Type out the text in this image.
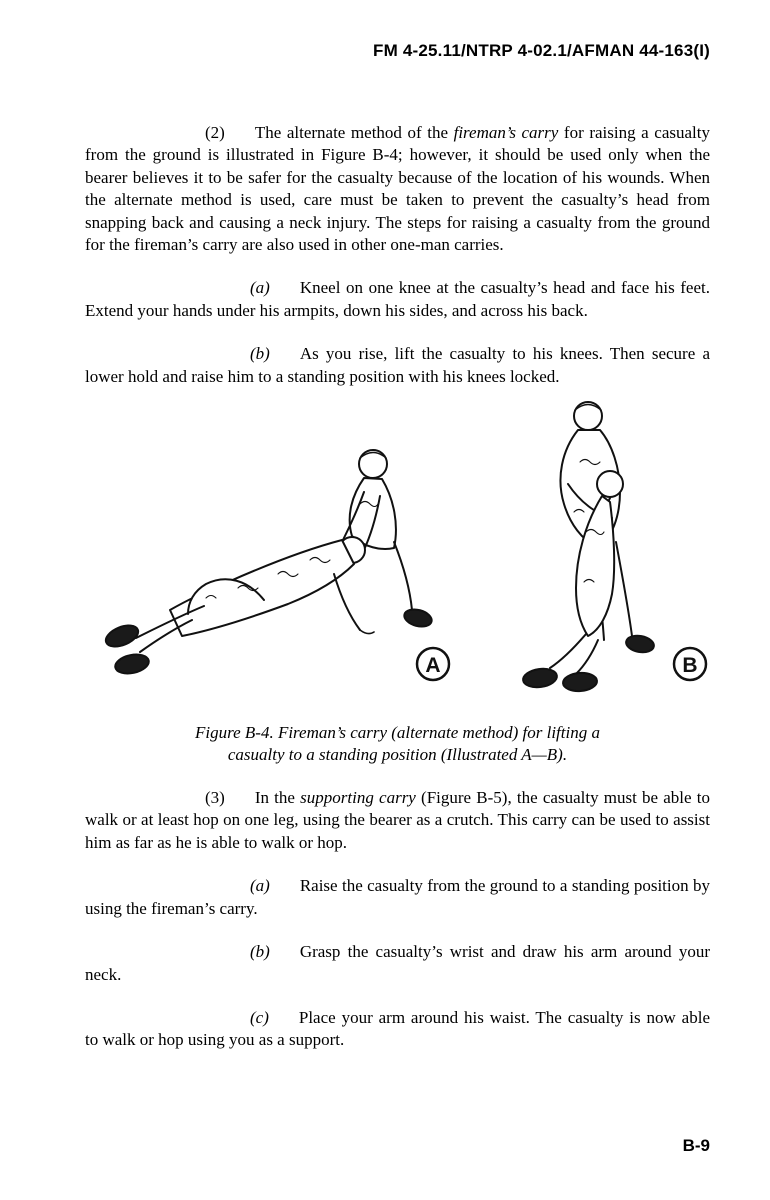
FM 4-25.11/NTRP 4-02.1/AFMAN 44-163(I)

(2) The alternate method of the fireman’s carry for raising a casualty from the ground is illustrated in Figure B-4; however, it should be used only when the bearer believes it to be safer for the casualty because of the location of his wounds. When the alternate method is used, care must be taken to prevent the casualty’s head from snapping back and causing a neck injury. The steps for raising a casualty from the ground for the fireman’s carry are also used in other one-man carries.

(a) Kneel on one knee at the casualty’s head and face his feet. Extend your hands under his armpits, down his sides, and across his back.

(b) As you rise, lift the casualty to his knees. Then secure a lower hold and raise him to a standing position with his knees locked.

A	B
Figure B-4. Fireman’s carry (alternate method) for lifting a
casualty to a standing position (Illustrated A—B).

(3) In the supporting carry (Figure B-5), the casualty must be able to walk or at least hop on one leg, using the bearer as a crutch. This carry can be used to assist him as far as he is able to walk or hop.

(a) Raise the casualty from the ground to a standing position by using the fireman’s carry.

(b) Grasp the casualty’s wrist and draw his arm around your neck.

(c) Place your arm around his waist. The casualty is now able to walk or hop using you as a support.

B-9
